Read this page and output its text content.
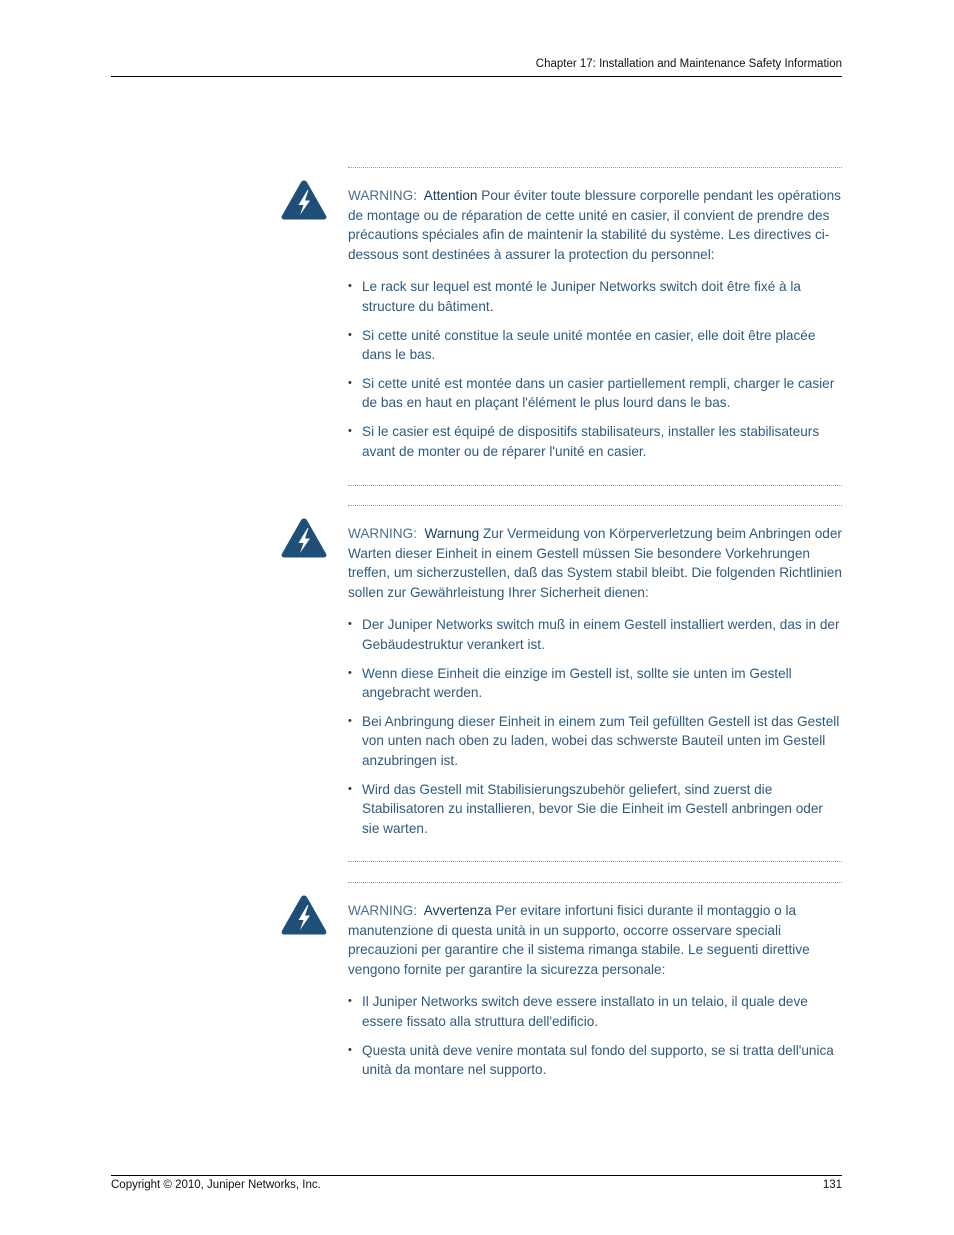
Chapter 17: Installation and Maintenance Safety Information

WARNING: Attention Pour éviter toute blessure corporelle pendant les opérations de montage ou de réparation de cette unité en casier, il convient de prendre des précautions spéciales afin de maintenir la stabilité du système. Les directives ci-dessous sont destinées à assurer la protection du personnel:

• Le rack sur lequel est monté le Juniper Networks switch doit être fixé à la structure du bâtiment.
• Si cette unité constitue la seule unité montée en casier, elle doit être placée dans le bas.
• Si cette unité est montée dans un casier partiellement rempli, charger le casier de bas en haut en plaçant l'élément le plus lourd dans le bas.
• Si le casier est équipé de dispositifs stabilisateurs, installer les stabilisateurs avant de monter ou de réparer l'unité en casier.

WARNING: Warnung Zur Vermeidung von Körperverletzung beim Anbringen oder Warten dieser Einheit in einem Gestell müssen Sie besondere Vorkehrungen treffen, um sicherzustellen, daß das System stabil bleibt. Die folgenden Richtlinien sollen zur Gewährleistung Ihrer Sicherheit dienen:

• Der Juniper Networks switch muß in einem Gestell installiert werden, das in der Gebäudestruktur verankert ist.
• Wenn diese Einheit die einzige im Gestell ist, sollte sie unten im Gestell angebracht werden.
• Bei Anbringung dieser Einheit in einem zum Teil gefüllten Gestell ist das Gestell von unten nach oben zu laden, wobei das schwerste Bauteil unten im Gestell anzubringen ist.
• Wird das Gestell mit Stabilisierungszubehör geliefert, sind zuerst die Stabilisatoren zu installieren, bevor Sie die Einheit im Gestell anbringen oder sie warten.

WARNING: Avvertenza Per evitare infortuni fisici durante il montaggio o la manutenzione di questa unità in un supporto, occorre osservare speciali precauzioni per garantire che il sistema rimanga stabile. Le seguenti direttive vengono fornite per garantire la sicurezza personale:

• Il Juniper Networks switch deve essere installato in un telaio, il quale deve essere fissato alla struttura dell'edificio.
• Questa unità deve venire montata sul fondo del supporto, se si tratta dell'unica unità da montare nel supporto.
Copyright © 2010, Juniper Networks, Inc.	131
